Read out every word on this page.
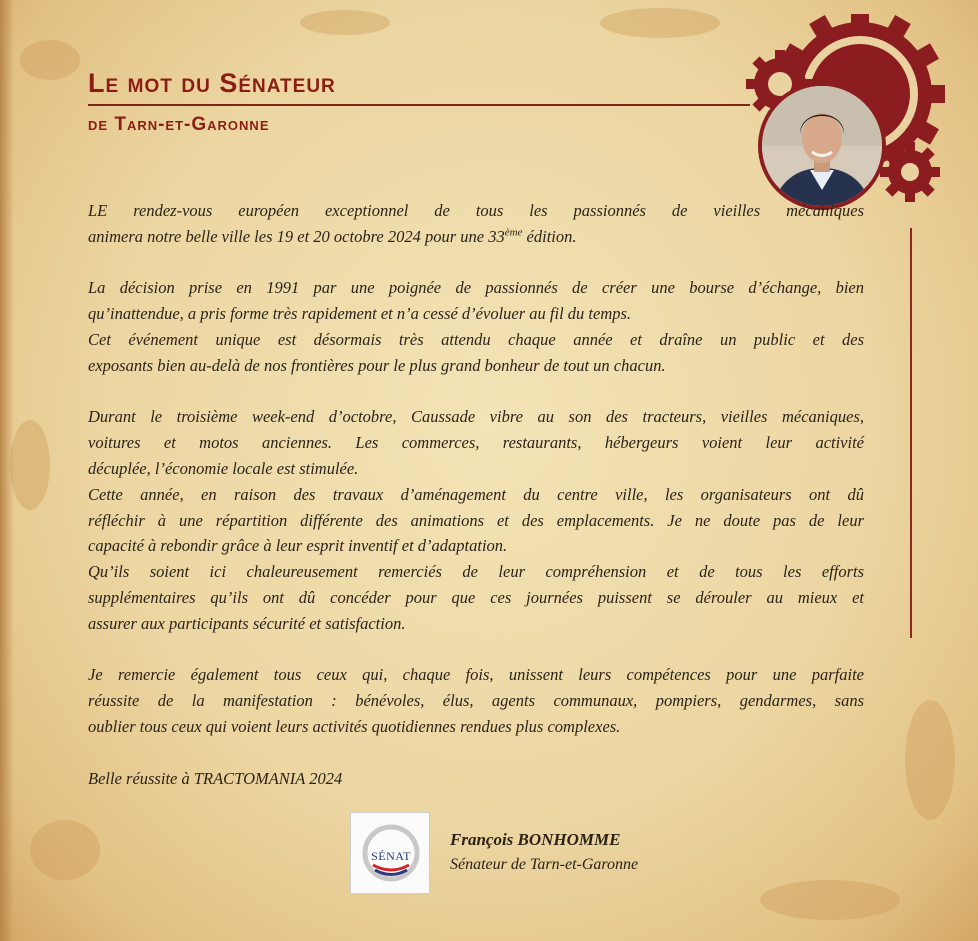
Le mot du Sénateur
de Tarn-et-Garonne

LE rendez-vous européen exceptionnel de tous les passionnés de vieilles mécaniques
animera notre belle ville les 19 et 20 octobre 2024 pour une 33ème édition.

La décision prise en 1991 par une poignée de passionnés de créer une bourse d’échange, bien
qu’inattendue, a pris forme très rapidement et n’a cessé d’évoluer au fil du temps.
Cet événement unique est désormais très attendu chaque année et draîne un public et des
exposants bien au-delà de nos frontières pour le plus grand bonheur de tout un chacun.

Durant le troisième week-end d’octobre, Caussade vibre au son des tracteurs, vieilles mécaniques,
voitures et motos anciennes. Les commerces, restaurants, hébergeurs voient leur activité
décuplée, l’économie locale est stimulée.
Cette année, en raison des travaux d’aménagement du centre ville, les organisateurs ont dû
réfléchir à une répartition différente des animations et des emplacements. Je ne doute pas de leur
capacité à rebondir grâce à leur esprit inventif et d’adaptation.
Qu’ils soient ici chaleureusement remerciés de leur compréhension et de tous les efforts
supplémentaires qu’ils ont dû concéder pour que ces journées puissent se dérouler au mieux et
assurer aux participants sécurité et satisfaction.

Je remercie également tous ceux qui, chaque fois, unissent leurs compétences pour une parfaite
réussite de la manifestation : bénévoles, élus, agents communaux, pompiers, gendarmes, sans
oublier tous ceux qui voient leurs activités quotidiennes rendues plus complexes.

Belle réussite à TRACTOMANIA 2024

SÉNAT
François BONHOMME
Sénateur de Tarn-et-Garonne
